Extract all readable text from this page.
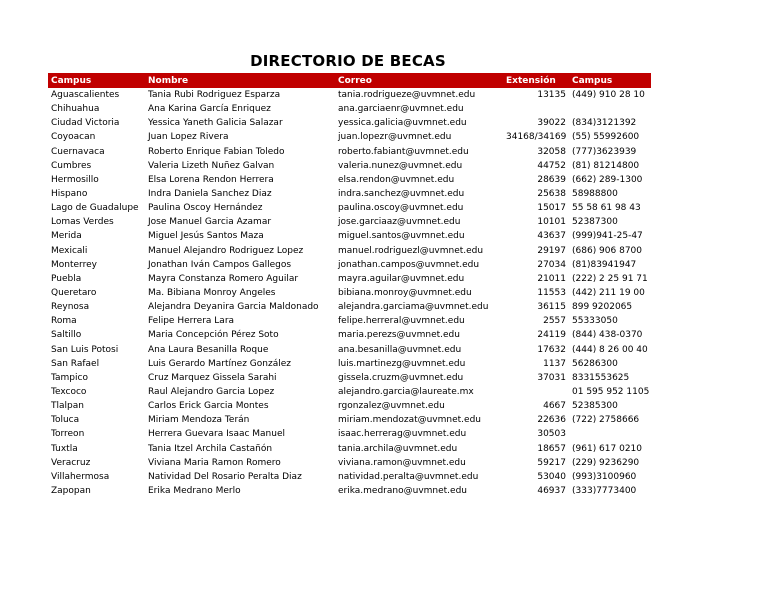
DIRECTORIO DE BECAS
Campus	Nombre	Correo	Extensión	Campus
Aguascalientes	Tania Rubi Rodriguez Esparza	tania.rodrigueze@uvmnet.edu	13135	(449) 910 28 10
Chihuahua	Ana Karina García Enriquez	ana.garciaenr@uvmnet.edu		
Ciudad Victoria	Yessica Yaneth Galicia Salazar	yessica.galicia@uvmnet.edu	39022	(834)3121392
Coyoacan	Juan Lopez Rivera	juan.lopezr@uvmnet.edu	34168/34169	(55) 55992600
Cuernavaca	Roberto Enrique Fabian Toledo	roberto.fabiant@uvmnet.edu	32058	(777)3623939
Cumbres	Valeria Lizeth Nuñez Galvan	valeria.nunez@uvmnet.edu	44752	(81) 81214800
Hermosillo	Elsa Lorena Rendon Herrera	elsa.rendon@uvmnet.edu	28639	(662) 289-1300
Hispano	Indra Daniela Sanchez Diaz	indra.sanchez@uvmnet.edu	25638	58988800
Lago de Guadalupe	Paulina Oscoy Hernández	paulina.oscoy@uvmnet.edu	15017	55 58 61 98 43
Lomas Verdes	Jose Manuel Garcia Azamar	jose.garciaaz@uvmnet.edu	10101	52387300
Merida	Miguel Jesús Santos Maza	miguel.santos@uvmnet.edu	43637	(999)941-25-47
Mexicali	Manuel Alejandro Rodriguez Lopez	manuel.rodriguezl@uvmnet.edu	29197	(686) 906 8700
Monterrey	Jonathan Iván Campos Gallegos	jonathan.campos@uvmnet.edu	27034	(81)83941947
Puebla	Mayra Constanza Romero Aguilar	mayra.aguilar@uvmnet.edu	21011	(222) 2 25 91 71
Queretaro	Ma. Bibiana Monroy Angeles	bibiana.monroy@uvmnet.edu	11553	(442) 211 19 00
Reynosa	Alejandra Deyanira Garcia Maldonado	alejandra.garciama@uvmnet.edu	36115	899 9202065
Roma	Felipe Herrera Lara	felipe.herreral@uvmnet.edu	2557	55333050
Saltillo	Maria Concepción Pérez Soto	maria.perezs@uvmnet.edu	24119	(844) 438-0370
San Luis Potosi	Ana Laura Besanilla Roque	ana.besanilla@uvmnet.edu	17632	(444) 8 26 00 40
San Rafael	Luis Gerardo Martínez González	luis.martinezg@uvmnet.edu	1137	56286300
Tampico	Cruz Marquez Gissela Sarahi	gissela.cruzm@uvmnet.edu	37031	8331553625
Texcoco	Raul Alejandro Garcia Lopez	alejandro.garcia@laureate.mx		01 595 952 1105
Tlalpan	Carlos Erick Garcia Montes	rgonzalez@uvmnet.edu	4667	52385300
Toluca	Miriam Mendoza Terán	miriam.mendozat@uvmnet.edu	22636	(722) 2758666
Torreon	Herrera Guevara Isaac Manuel	isaac.herrerag@uvmnet.edu	30503	
Tuxtla	Tania Itzel Archila Castañón	tania.archila@uvmnet.edu	18657	(961) 617 0210
Veracruz	Viviana Maria Ramon Romero	viviana.ramon@uvmnet.edu	59217	(229) 9236290
Villahermosa	Natividad Del Rosario Peralta Diaz	natividad.peralta@uvmnet.edu	53040	(993)3100960
Zapopan	Erika Medrano Merlo	erika.medrano@uvmnet.edu	46937	(333)7773400
